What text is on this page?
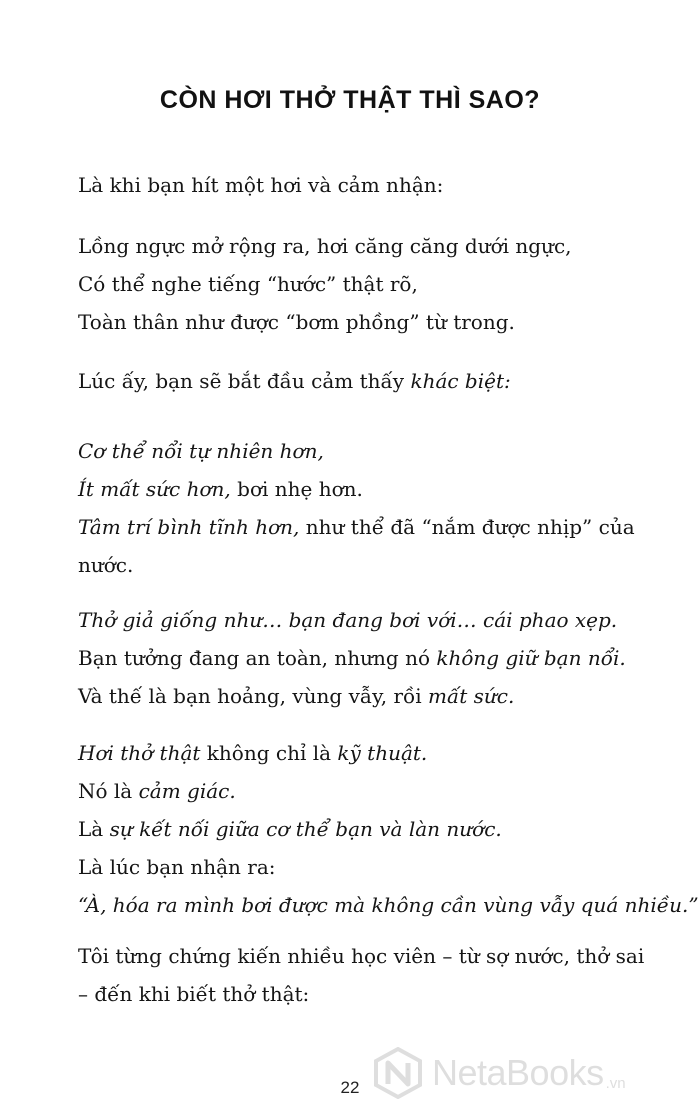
CÒN HƠI THỞ THẬT THÌ SAO?
Là khi bạn hít một hơi và cảm nhận:
Lồng ngực mở rộng ra, hơi căng căng dưới ngực,
Có thể nghe tiếng “hước” thật rõ,
Toàn thân như được “bơm phồng” từ trong.
Lúc ấy, bạn sẽ bắt đầu cảm thấy khác biệt:
Cơ thể nổi tự nhiên hơn,
Ít mất sức hơn, bơi nhẹ hơn.
Tâm trí bình tĩnh hơn, như thể đã “nắm được nhịp” của
nước.
Thở giả giống như… bạn đang bơi với… cái phao xẹp.
Bạn tưởng đang an toàn, nhưng nó không giữ bạn nổi.
Và thế là bạn hoảng, vùng vẫy, rồi mất sức.
Hơi thở thật không chỉ là kỹ thuật.
Nó là cảm giác.
Là sự kết nối giữa cơ thể bạn và làn nước.
Là lúc bạn nhận ra:
“À, hóa ra mình bơi được mà không cần vùng vẫy quá nhiều.”
Tôi từng chứng kiến nhiều học viên – từ sợ nước, thở sai
– đến khi biết thở thật:
NetaBooks .vn
22
